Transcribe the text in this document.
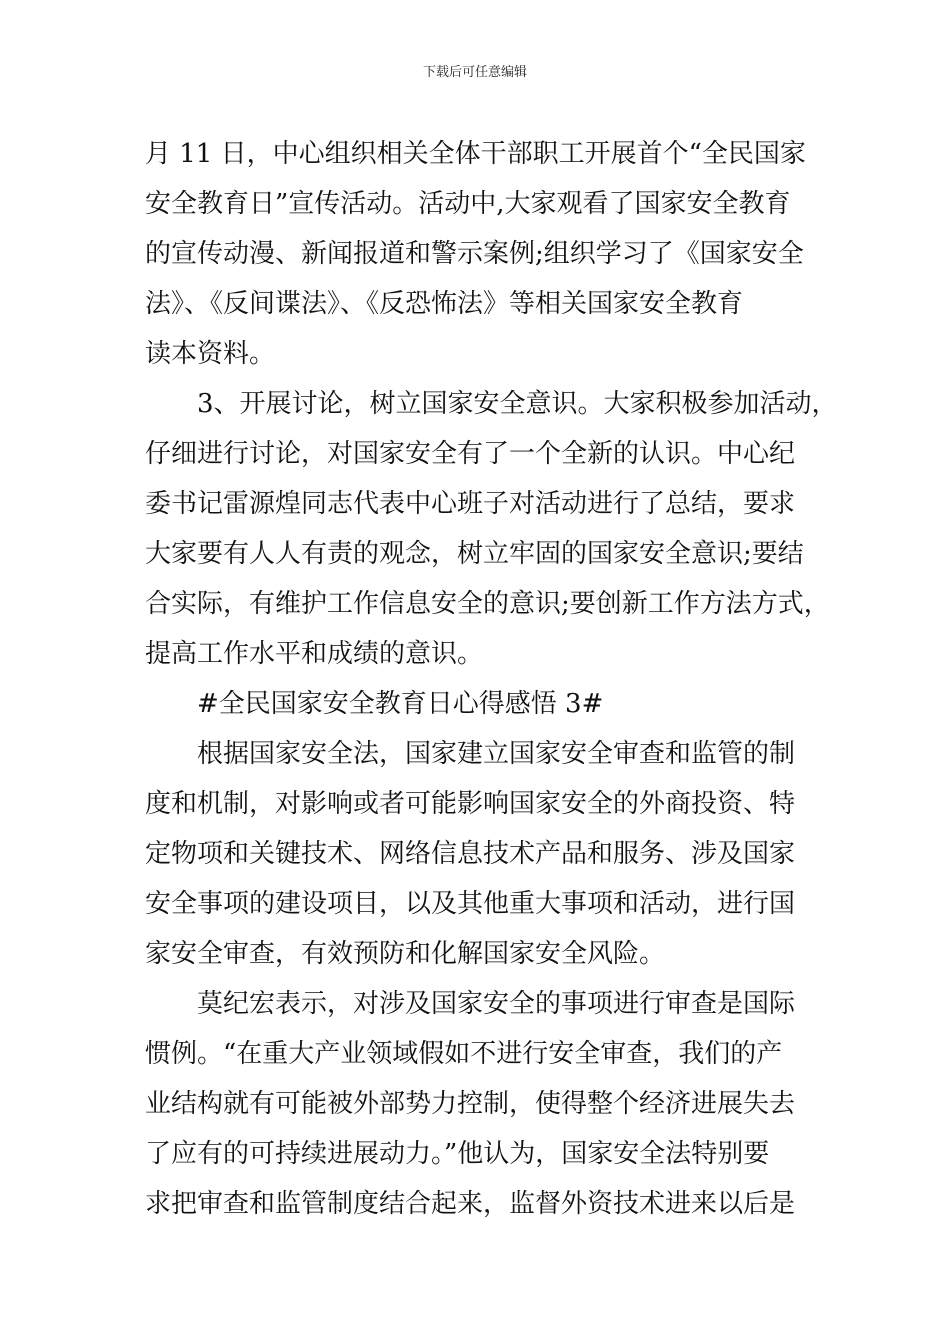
下载后可任意编辑
月 11 日，中心组织相关全体干部职工开展首个“全民国家
安全教育日”宣传活动。活动中,大家观看了国家安全教育
的宣传动漫、新闻报道和警示案例;组织学习了《国家安全
法》、《反间谍法》、《反恐怖法》等相关国家安全教育
读本资料。
3、开展讨论，树立国家安全意识。大家积极参加活动，
仔细进行讨论，对国家安全有了一个全新的认识。中心纪
委书记雷源煌同志代表中心班子对活动进行了总结，要求
大家要有人人有责的观念，树立牢固的国家安全意识;要结
合实际，有维护工作信息安全的意识;要创新工作方法方式，
提高工作水平和成绩的意识。
#全民国家安全教育日心得感悟 3#
根据国家安全法，国家建立国家安全审查和监管的制
度和机制，对影响或者可能影响国家安全的外商投资、特
定物项和关键技术、网络信息技术产品和服务、涉及国家
安全事项的建设项目，以及其他重大事项和活动，进行国
家安全审查，有效预防和化解国家安全风险。
莫纪宏表示，对涉及国家安全的事项进行审查是国际
惯例。“在重大产业领域假如不进行安全审查，我们的产
业结构就有可能被外部势力控制，使得整个经济进展失去
了应有的可持续进展动力。”他认为，国家安全法特别要
求把审查和监管制度结合起来，监督外资技术进来以后是
